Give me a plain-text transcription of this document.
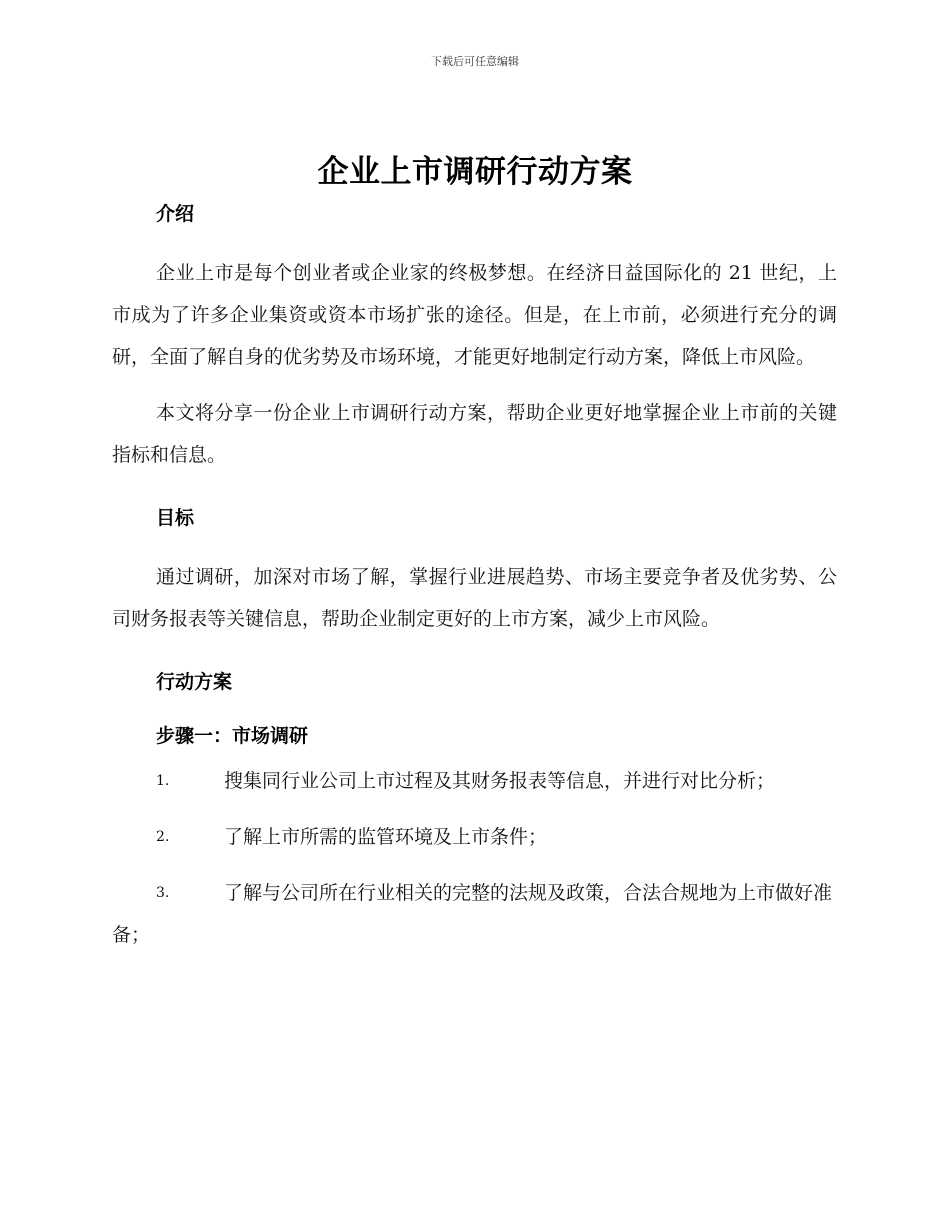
下载后可任意编辑
企业上市调研行动方案
介绍

企业上市是每个创业者或企业家的终极梦想。在经济日益国际化的 21 世纪，上市成为了许多企业集资或资本市场扩张的途径。但是，在上市前，必须进行充分的调研，全面了解自身的优劣势及市场环境，才能更好地制定行动方案，降低上市风险。

本文将分享一份企业上市调研行动方案，帮助企业更好地掌握企业上市前的关键指标和信息。

目标

通过调研，加深对市场了解，掌握行业进展趋势、市场主要竞争者及优劣势、公司财务报表等关键信息，帮助企业制定更好的上市方案，减少上市风险。

行动方案
步骤一：市场调研
1.	搜集同行业公司上市过程及其财务报表等信息，并进行对比分析；
2.	了解上市所需的监管环境及上市条件；
3.	了解与公司所在行业相关的完整的法规及政策，合法合规地为上市做好准备；
